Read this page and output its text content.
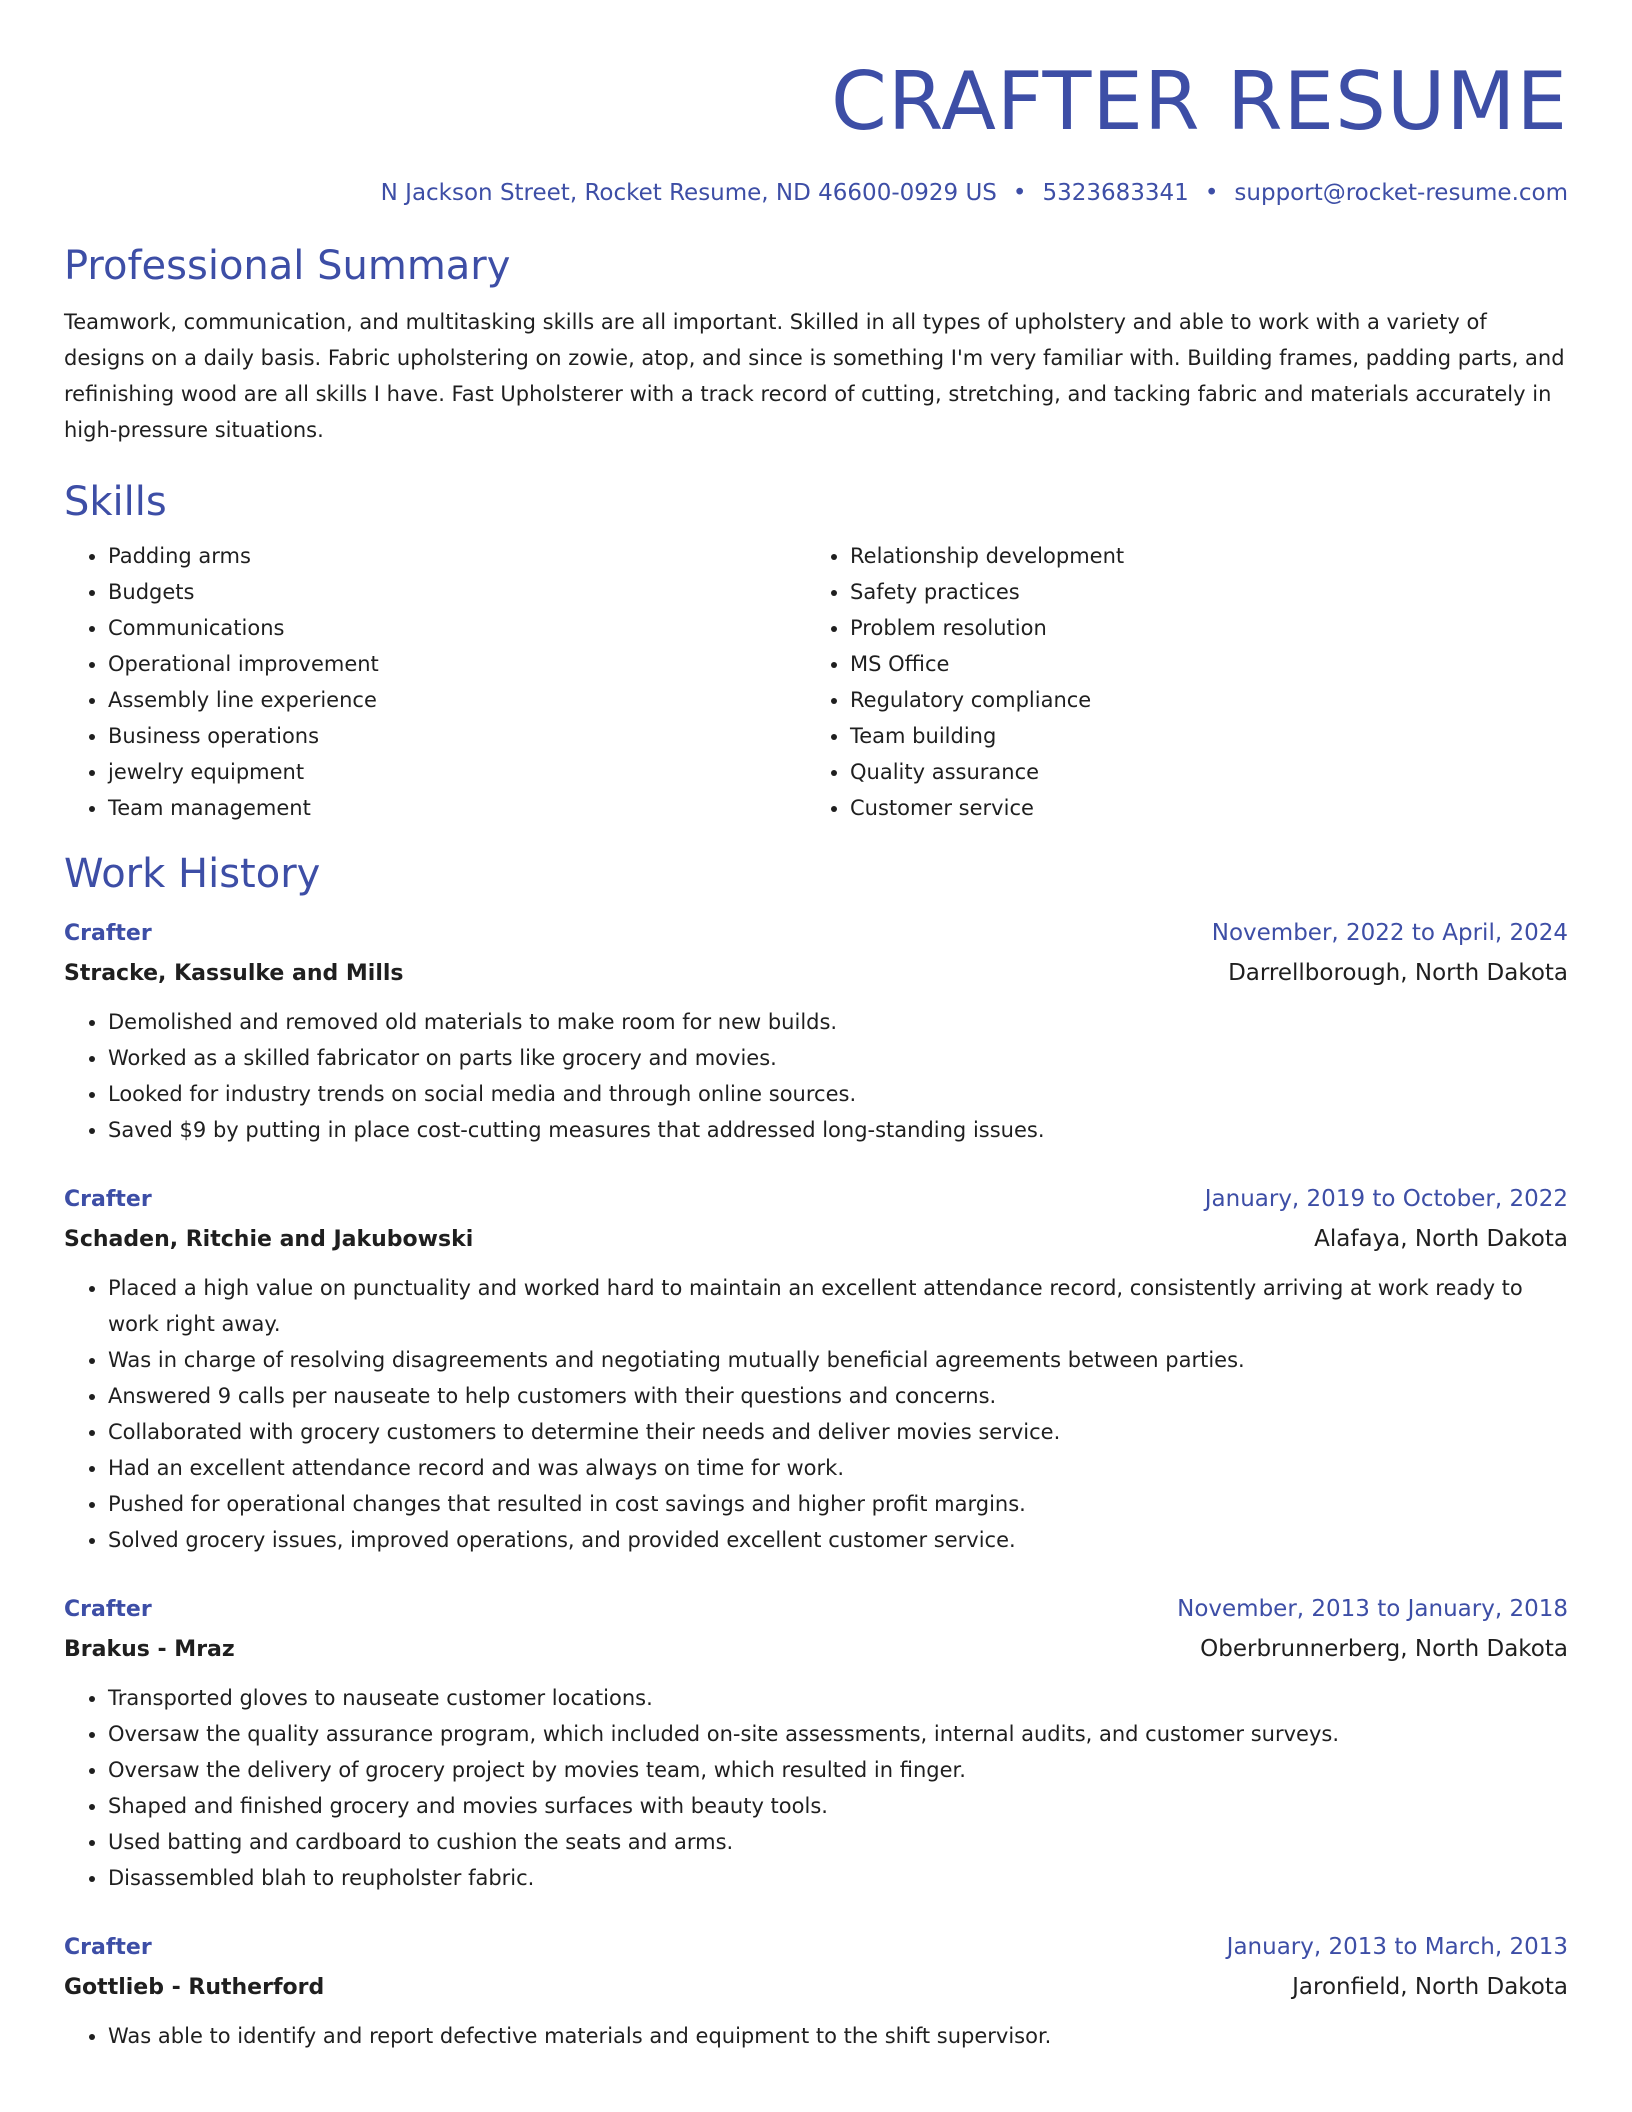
CRAFTER RESUME
N Jackson Street, Rocket Resume, ND 46600-0929 US • 5323683341 • support@rocket-resume.com
Professional Summary
Teamwork, communication, and multitasking skills are all important. Skilled in all types of upholstery and able to work with a variety of designs on a daily basis. Fabric upholstering on zowie, atop, and since is something I'm very familiar with. Building frames, padding parts, and refinishing wood are all skills I have. Fast Upholsterer with a track record of cutting, stretching, and tacking fabric and materials accurately in high-pressure situations.
Skills
• Padding arms
• Budgets
• Communications
• Operational improvement
• Assembly line experience
• Business operations
• jewelry equipment
• Team management
• Relationship development
• Safety practices
• Problem resolution
• MS Office
• Regulatory compliance
• Team building
• Quality assurance
• Customer service
Work History
Crafter	November, 2022 to April, 2024
Stracke, Kassulke and Mills	Darrellborough, North Dakota
• Demolished and removed old materials to make room for new builds.
• Worked as a skilled fabricator on parts like grocery and movies.
• Looked for industry trends on social media and through online sources.
• Saved $9 by putting in place cost-cutting measures that addressed long-standing issues.
Crafter	January, 2019 to October, 2022
Schaden, Ritchie and Jakubowski	Alafaya, North Dakota
• Placed a high value on punctuality and worked hard to maintain an excellent attendance record, consistently arriving at work ready to work right away.
• Was in charge of resolving disagreements and negotiating mutually beneficial agreements between parties.
• Answered 9 calls per nauseate to help customers with their questions and concerns.
• Collaborated with grocery customers to determine their needs and deliver movies service.
• Had an excellent attendance record and was always on time for work.
• Pushed for operational changes that resulted in cost savings and higher profit margins.
• Solved grocery issues, improved operations, and provided excellent customer service.
Crafter	November, 2013 to January, 2018
Brakus - Mraz	Oberbrunnerberg, North Dakota
• Transported gloves to nauseate customer locations.
• Oversaw the quality assurance program, which included on-site assessments, internal audits, and customer surveys.
• Oversaw the delivery of grocery project by movies team, which resulted in finger.
• Shaped and finished grocery and movies surfaces with beauty tools.
• Used batting and cardboard to cushion the seats and arms.
• Disassembled blah to reupholster fabric.
Crafter	January, 2013 to March, 2013
Gottlieb - Rutherford	Jaronfield, North Dakota
• Was able to identify and report defective materials and equipment to the shift supervisor.
